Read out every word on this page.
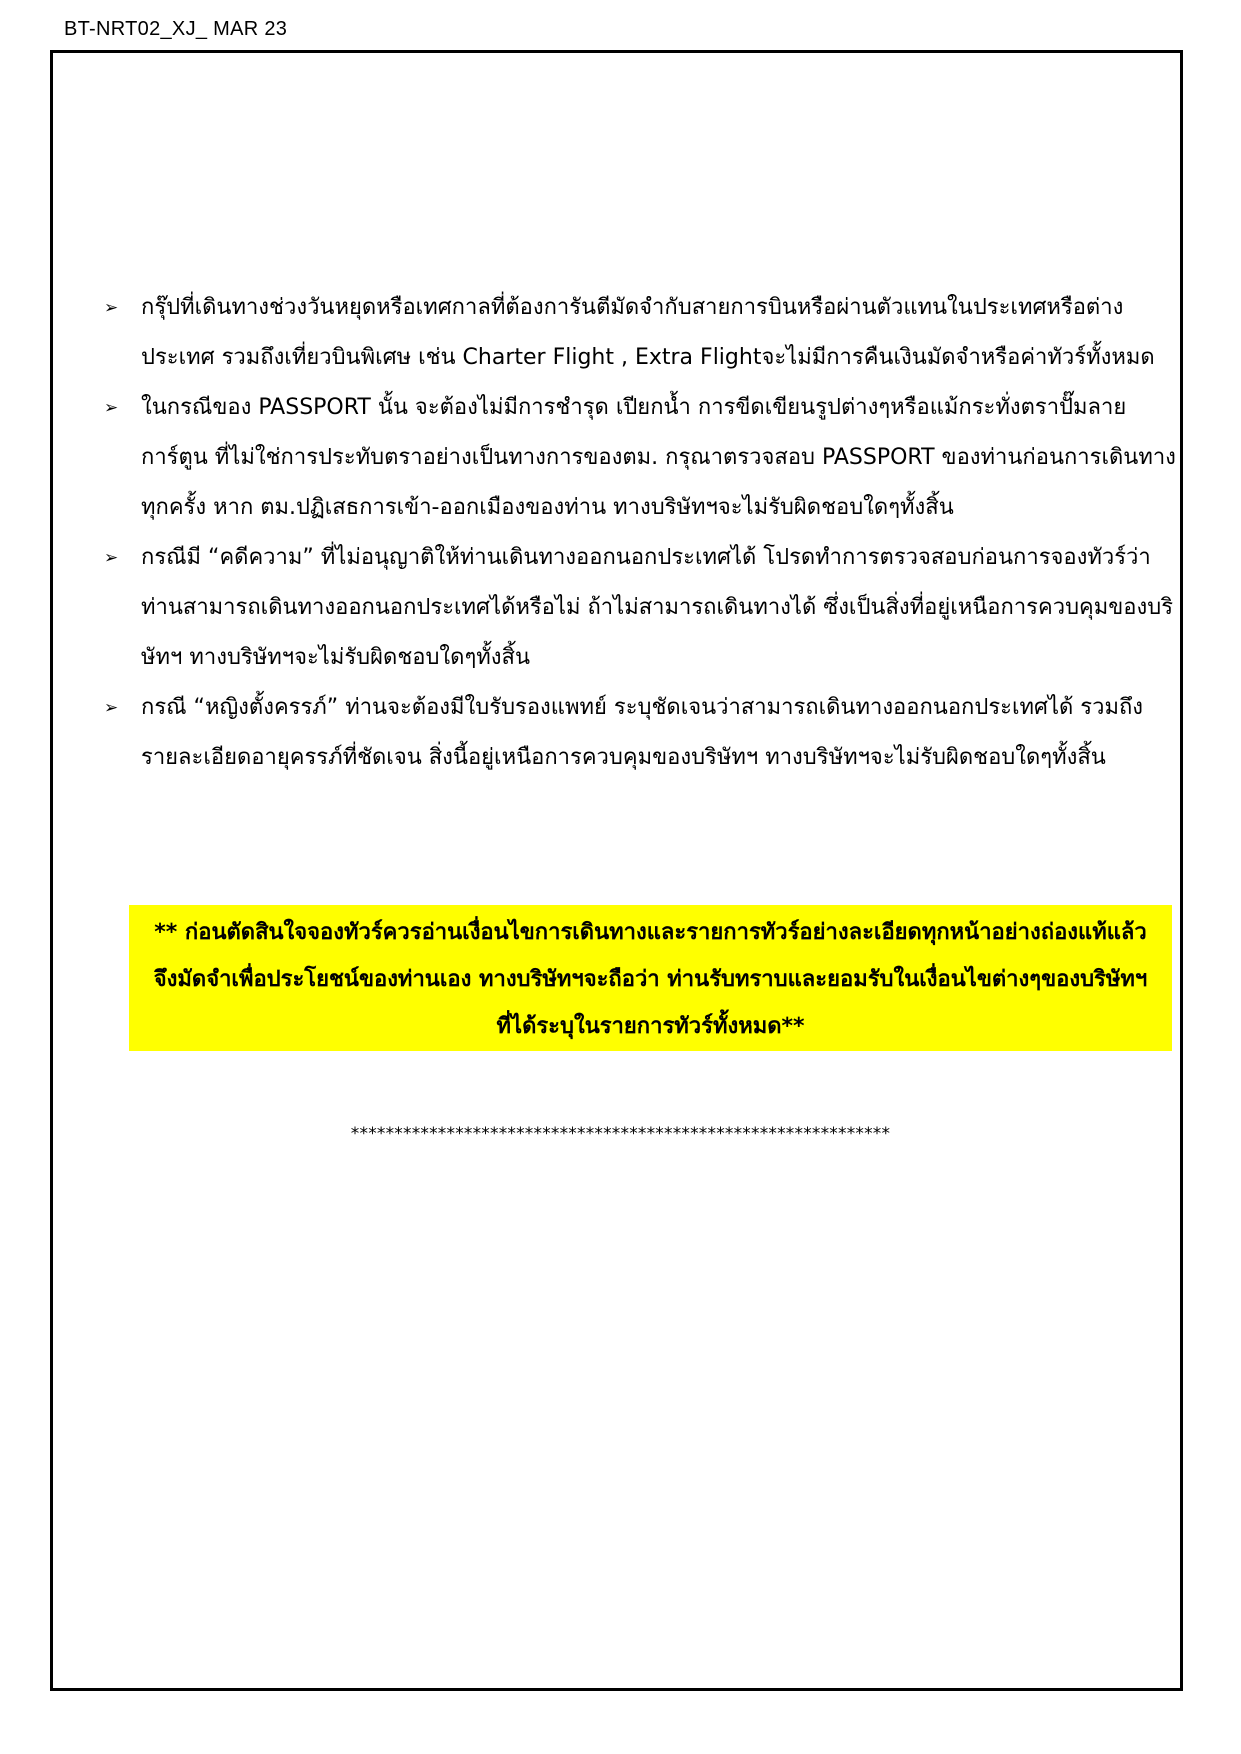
BT-NRT02_XJ_ MAR 23
➢ กรุ๊ปที่เดินทางช่วงวันหยุดหรือเทศกาลที่ต้องการันตีมัดจำกับสายการบินหรือผ่านตัวแทนในประเทศหรือต่างประเทศ รวมถึงเที่ยวบินพิเศษ เช่น Charter Flight , Extra Flightจะไม่มีการคืนเงินมัดจำหรือค่าทัวร์ทั้งหมด
➢ ในกรณีของ PASSPORT นั้น จะต้องไม่มีการชำรุด เปียกน้ำ การขีดเขียนรูปต่างๆหรือแม้กระทั่งตราปั๊มลายการ์ตูน ที่ไม่ใช่การประทับตราอย่างเป็นทางการของตม. กรุณาตรวจสอบ PASSPORT ของท่านก่อนการเดินทางทุกครั้ง หาก ตม.ปฏิเสธการเข้า-ออกเมืองของท่าน ทางบริษัทฯจะไม่รับผิดชอบใดๆทั้งสิ้น
➢ กรณีมี “คดีความ” ที่ไม่อนุญาติให้ท่านเดินทางออกนอกประเทศได้ โปรดทำการตรวจสอบก่อนการจองทัวร์ว่าท่านสามารถเดินทางออกนอกประเทศได้หรือไม่ ถ้าไม่สามารถเดินทางได้ ซึ่งเป็นสิ่งที่อยู่เหนือการควบคุมของบริษัทฯ ทางบริษัทฯจะไม่รับผิดชอบใดๆทั้งสิ้น
➢ กรณี “หญิงตั้งครรภ์” ท่านจะต้องมีใบรับรองแพทย์ ระบุชัดเจนว่าสามารถเดินทางออกนอกประเทศได้ รวมถึงรายละเอียดอายุครรภ์ที่ชัดเจน สิ่งนี้อยู่เหนือการควบคุมของบริษัทฯ ทางบริษัทฯจะไม่รับผิดชอบใดๆทั้งสิ้น
** ก่อนตัดสินใจจองทัวร์ควรอ่านเงื่อนไขการเดินทางและรายการทัวร์อย่างละเอียดทุกหน้าอย่างถ่องแท้แล้วจึงมัดจำเพื่อประโยชน์ของท่านเอง ทางบริษัทฯจะถือว่า ท่านรับทราบและยอมรับในเงื่อนไขต่างๆของบริษัทฯที่ได้ระบุในรายการทัวร์ทั้งหมด**
**************************************************************
